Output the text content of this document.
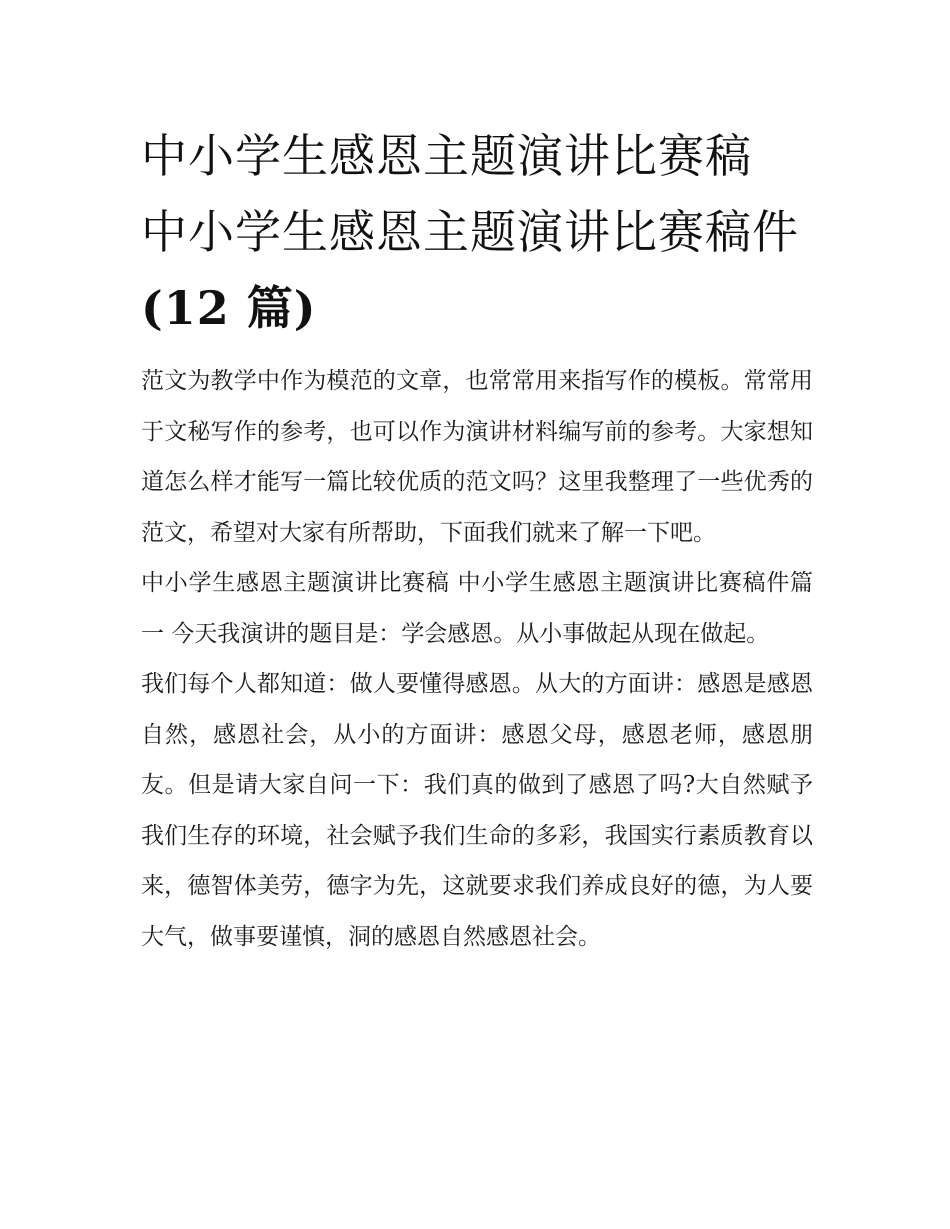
中小学生感恩主题演讲比赛稿 中小学生感恩主题演讲比赛稿件(12 篇)

范文为教学中作为模范的文章，也常常用来指写作的模板。常常用于文秘写作的参考，也可以作为演讲材料编写前的参考。大家想知道怎么样才能写一篇比较优质的范文吗？这里我整理了一些优秀的范文，希望对大家有所帮助，下面我们就来了解一下吧。

中小学生感恩主题演讲比赛稿 中小学生感恩主题演讲比赛稿件篇一 今天我演讲的题目是：学会感恩。从小事做起从现在做起。

我们每个人都知道：做人要懂得感恩。从大的方面讲：感恩是感恩自然，感恩社会，从小的方面讲：感恩父母，感恩老师，感恩朋友。但是请大家自问一下：我们真的做到了感恩了吗?大自然赋予我们生存的环境，社会赋予我们生命的多彩，我国实行素质教育以来，德智体美劳，德字为先，这就要求我们养成良好的德，为人要大气，做事要谨慎，洞的感恩自然感恩社会。
